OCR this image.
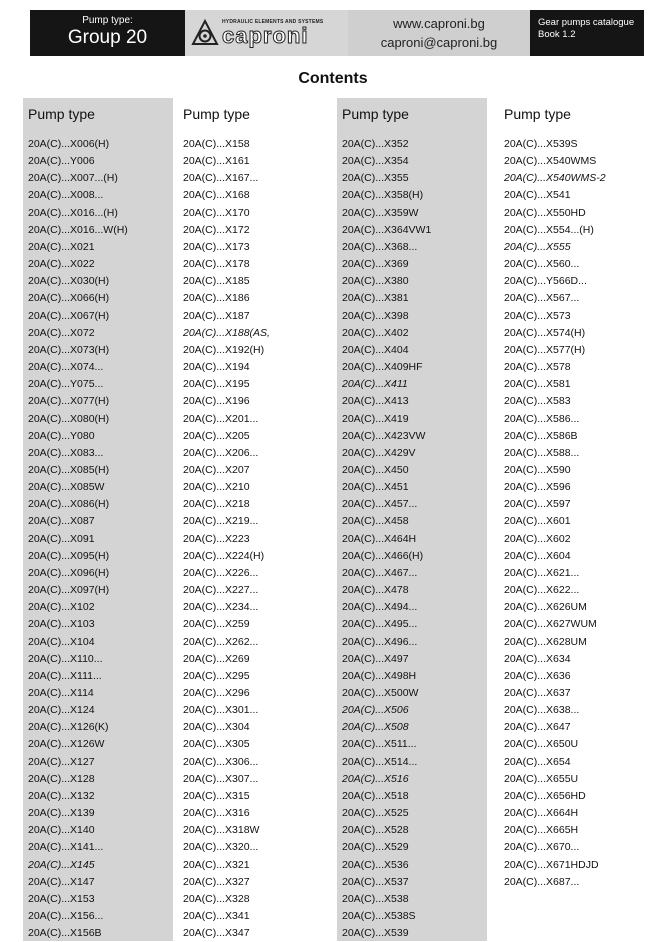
Pump type:
Group 20
HYDRAULIC ELEMENTS AND SYSTEMS
caproni	www.caproni.bg
caproni@caproni.bg
Gear pumps catalogue
Book 1.2
Contents
Pump type
20A(C)...X006(H)
20A(C)...Y006
20A(C)...X007...(H)
20A(C)...X008...
20A(C)...X016...(H)
20A(C)...X016...W(H)
20A(C)...X021
20A(C)...X022
20A(C)...X030(H)
20A(C)...X066(H)
20A(C)...X067(H)
20A(C)...X072
20A(C)...X073(H)
20A(C)...X074...
20A(C)...Y075...
20A(C)...X077(H)
20A(C)...X080(H)
20A(C)...Y080
20A(C)...X083...
20A(C)...X085(H)
20A(C)...X085W
20A(C)...X086(H)
20A(C)...X087
20A(C)...X091
20A(C)...X095(H)
20A(C)...X096(H)
20A(C)...X097(H)
20A(C)...X102
20A(C)...X103
20A(C)...X104
20A(C)...X110...
20A(C)...X111...
20A(C)...X114
20A(C)...X124
20A(C)...X126(K)
20A(C)...X126W
20A(C)...X127
20A(C)...X128
20A(C)...X132
20A(C)...X139
20A(C)...X140
20A(C)...X141...
20A(C)...X145
20A(C)...X147
20A(C)...X153
20A(C)...X156...
20A(C)...X156B
Pump type
20A(C)...X158
20A(C)...X161
20A(C)...X167...
20A(C)...X168
20A(C)...X170
20A(C)...X172
20A(C)...X173
20A(C)...X178
20A(C)...X185
20A(C)...X186
20A(C)...X187
20A(C)...X188(AS,
20A(C)...X192(H)
20A(C)...X194
20A(C)...X195
20A(C)...X196
20A(C)...X201...
20A(C)...X205
20A(C)...X206...
20A(C)...X207
20A(C)...X210
20A(C)...X218
20A(C)...X219...
20A(C)...X223
20A(C)...X224(H)
20A(C)...X226...
20A(C)...X227...
20A(C)...X234...
20A(C)...X259
20A(C)...X262...
20A(C)...X269
20A(C)...X295
20A(C)...X296
20A(C)...X301...
20A(C)...X304
20A(C)...X305
20A(C)...X306...
20A(C)...X307...
20A(C)...X315
20A(C)...X316
20A(C)...X318W
20A(C)...X320...
20A(C)...X321
20A(C)...X327
20A(C)...X328
20A(C)...X341
20A(C)...X347
Pump type
20A(C)...X352
20A(C)...X354
20A(C)...X355
20A(C)...X358(H)
20A(C)...X359W
20A(C)...X364VW1
20A(C)...X368...
20A(C)...X369
20A(C)...X380
20A(C)...X381
20A(C)...X398
20A(C)...X402
20A(C)...X404
20A(C)...X409HF
20A(C)...X411
20A(C)...X413
20A(C)...X419
20A(C)...X423VW
20A(C)...X429V
20A(C)...X450
20A(C)...X451
20A(C)...X457...
20A(C)...X458
20A(C)...X464H
20A(C)...X466(H)
20A(C)...X467...
20A(C)...X478
20A(C)...X494...
20A(C)...X495...
20A(C)...X496...
20A(C)...X497
20A(C)...X498H
20A(C)...X500W
20A(C)...X506
20A(C)...X508
20A(C)...X511...
20A(C)...X514...
20A(C)...X516
20A(C)...X518
20A(C)...X525
20A(C)...X528
20A(C)...X529
20A(C)...X536
20A(C)...X537
20A(C)...X538
20A(C)...X538S
20A(C)...X539
Pump type
20A(C)...X539S
20A(C)...X540WMS
20A(C)...X540WMS-2
20A(C)...X541
20A(C)...X550HD
20A(C)...X554...(H)
20A(C)...X555
20A(C)...X560...
20A(C)...Y566D...
20A(C)...X567...
20A(C)...X573
20A(C)...X574(H)
20A(C)...X577(H)
20A(C)...X578
20A(C)...X581
20A(C)...X583
20A(C)...X586...
20A(C)...X586B
20A(C)...X588...
20A(C)...X590
20A(C)...X596
20A(C)...X597
20A(C)...X601
20A(C)...X602
20A(C)...X604
20A(C)...X621...
20A(C)...X622...
20A(C)...X626UM
20A(C)...X627WUM
20A(C)...X628UM
20A(C)...X634
20A(C)...X636
20A(C)...X637
20A(C)...X638...
20A(C)...X647
20A(C)...X650U
20A(C)...X654
20A(C)...X655U
20A(C)...X656HD
20A(C)...X664H
20A(C)...X665H
20A(C)...X670...
20A(C)...X671HDJD
20A(C)...X687...
